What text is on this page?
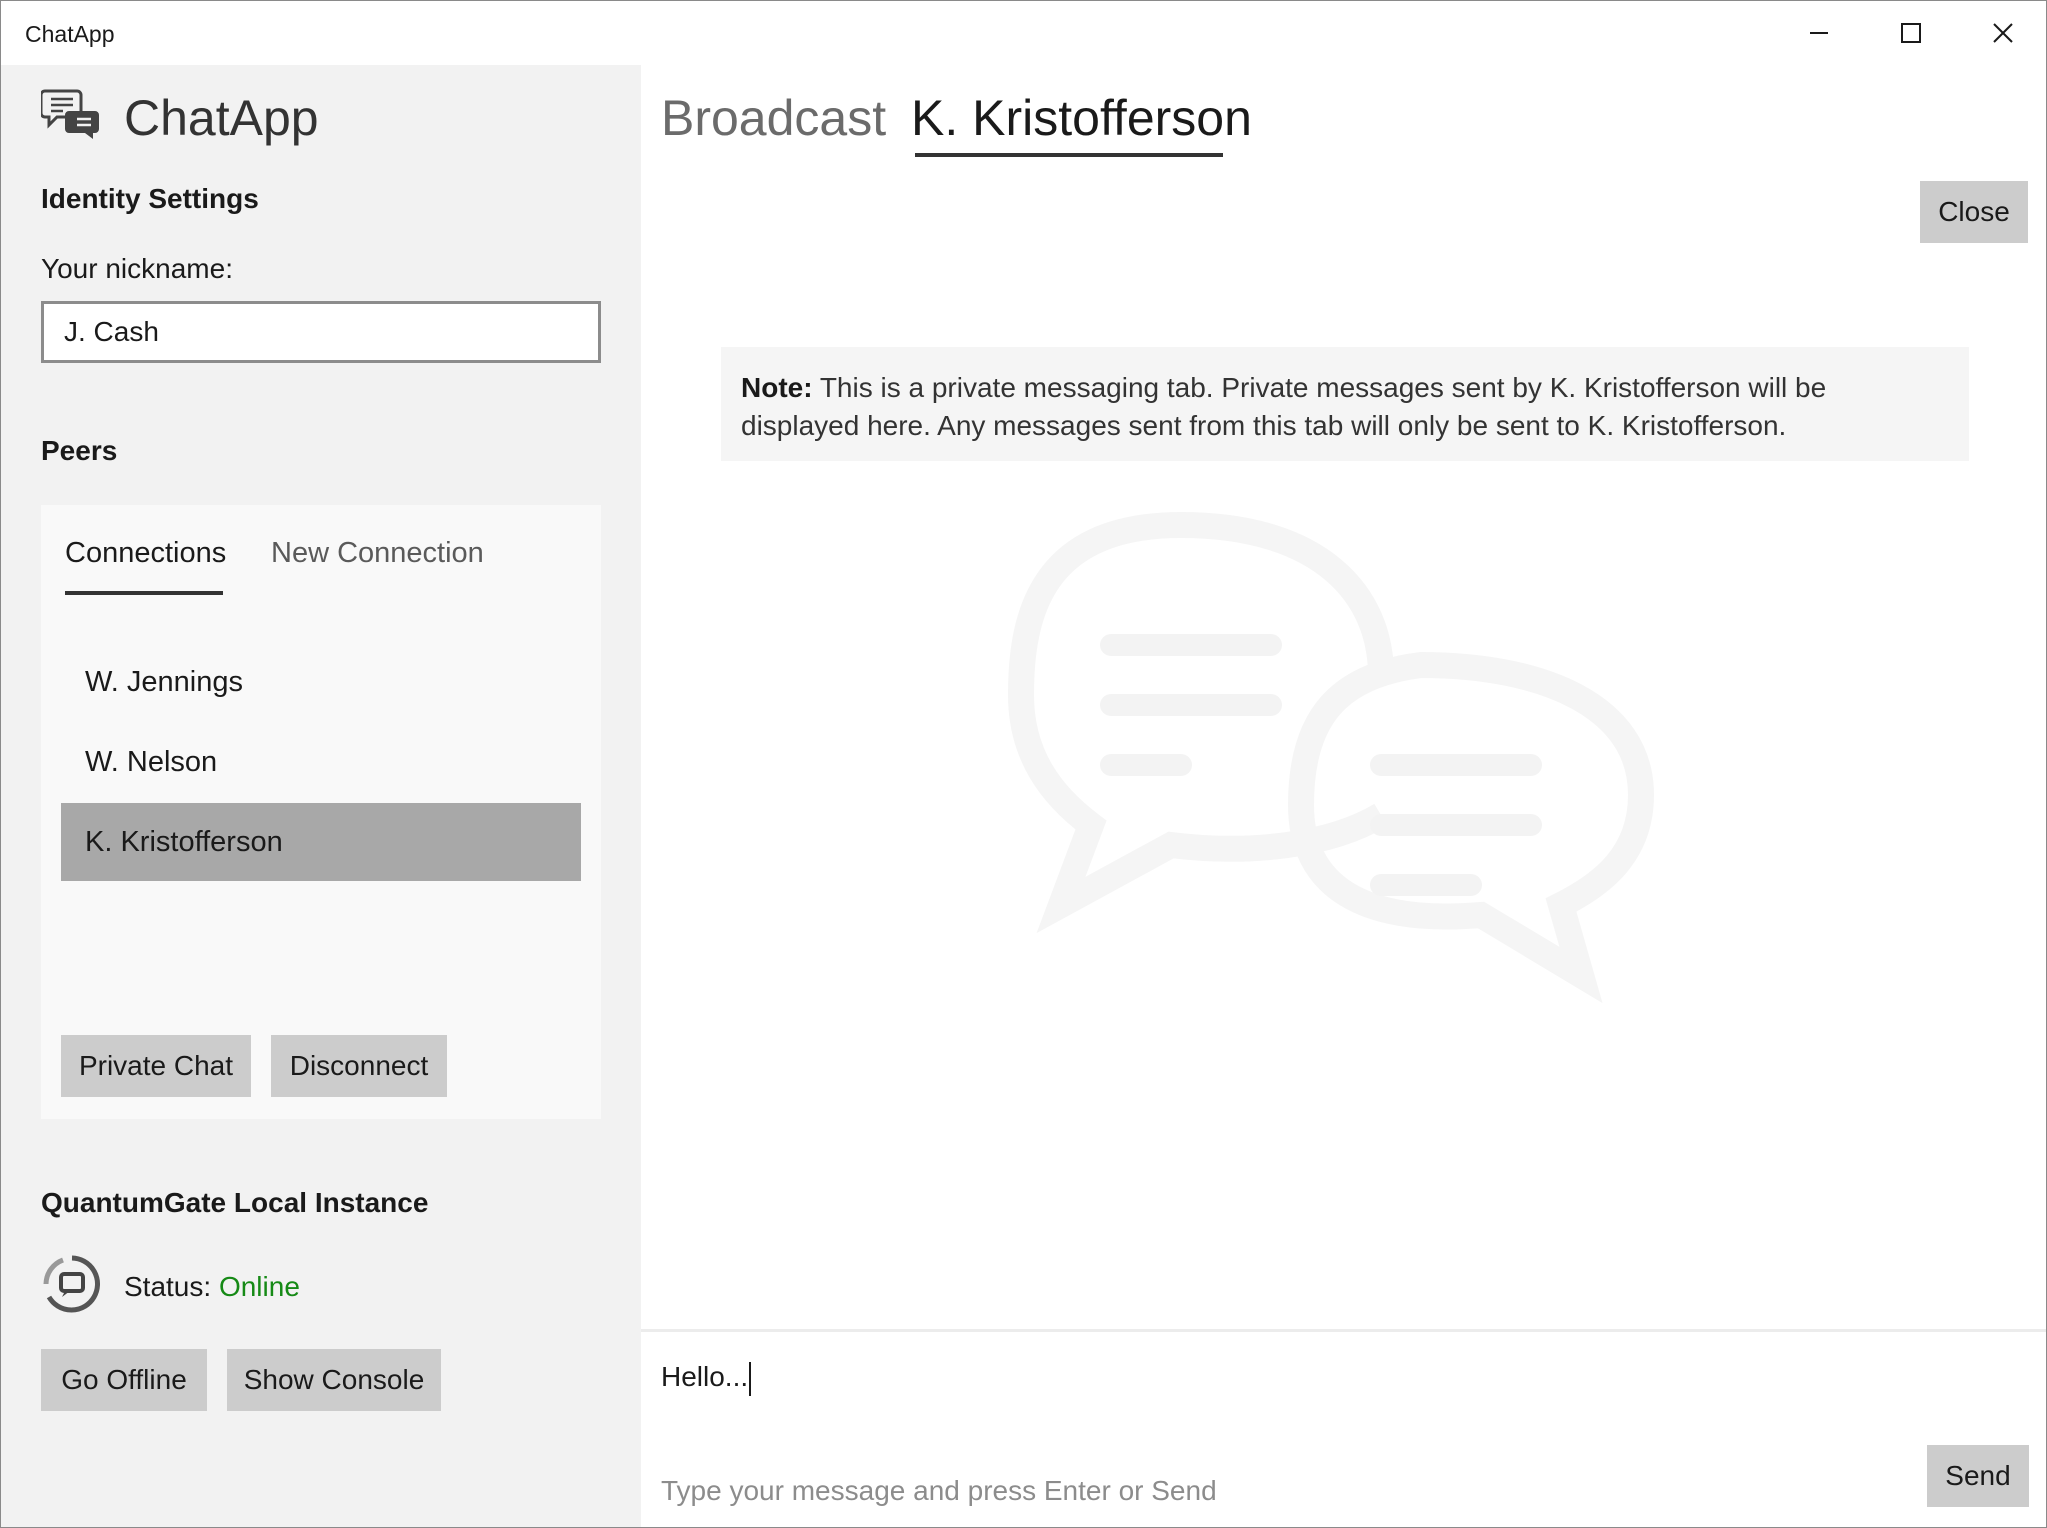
ChatApp
ChatApp
Identity Settings
Your nickname:
J. Cash
Peers
Connections New Connection
W. Jennings
W. Nelson
K. Kristofferson
Private Chat	Disconnect
QuantumGate Local Instance
Status: Online
Go Offline	Show Console
Broadcast K. Kristofferson
Close
Note: This is a private messaging tab. Private messages sent by K. Kristofferson will be displayed here. Any messages sent from this tab will only be sent to K. Kristofferson.
Hello...
Type your message and press Enter or Send	Send
